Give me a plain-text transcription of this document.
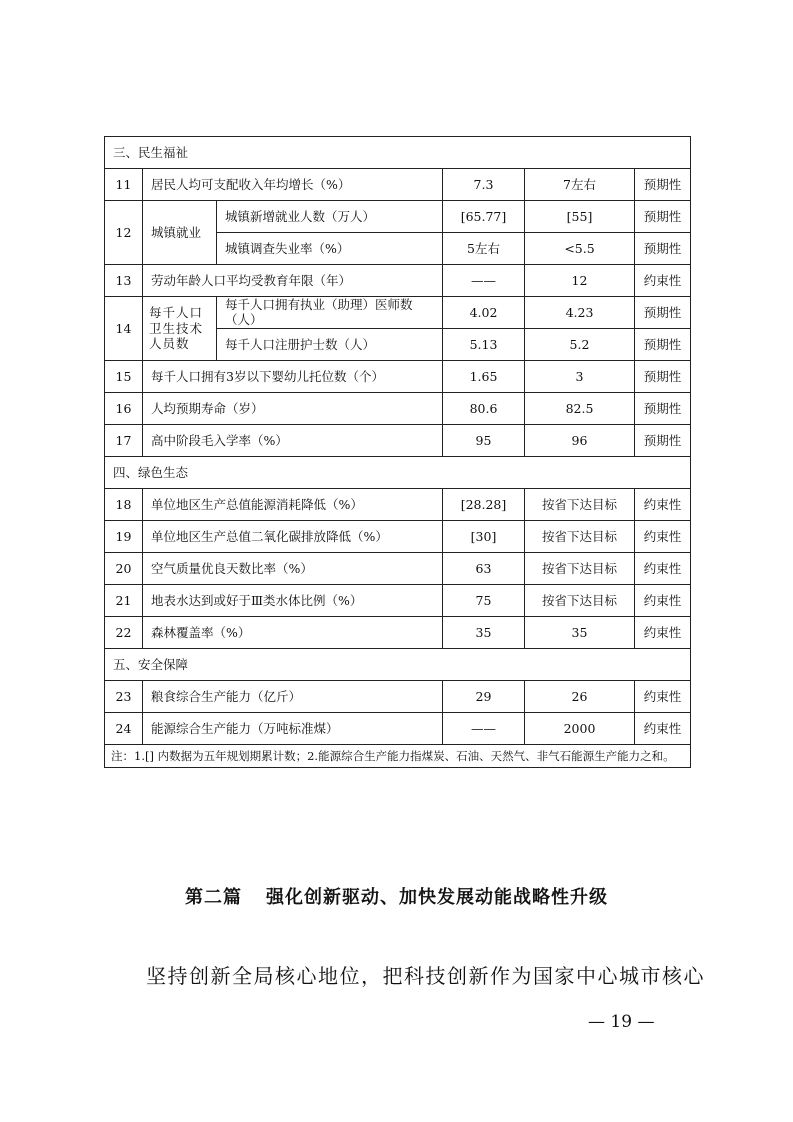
三、民生福祉					
11	居民人均可支配收入年均增长（%）		7.3	7左右	预期性
12	城镇就业	城镇新增就业人数（万人）	[65.77]	[55]	预期性
		城镇调查失业率（%）	5左右	<5.5	预期性
13	劳动年龄人口平均受教育年限（年）		——	12	约束性
14	每千人口卫生技术人员数	每千人口拥有执业（助理）医师数（人）	4.02	4.23	预期性
		每千人口注册护士数（人）	5.13	5.2	预期性
15	每千人口拥有3岁以下婴幼儿托位数（个）		1.65	3	预期性
16	人均预期寿命（岁）		80.6	82.5	预期性
17	高中阶段毛入学率（%）		95	96	预期性
四、绿色生态					
18	单位地区生产总值能源消耗降低（%）		[28.28]	按省下达目标	约束性
19	单位地区生产总值二氧化碳排放降低（%）		[30]	按省下达目标	约束性
20	空气质量优良天数比率（%）		63	按省下达目标	约束性
21	地表水达到或好于Ⅲ类水体比例（%）		75	按省下达目标	约束性
22	森林覆盖率（%）		35	35	约束性
五、安全保障					
23	粮食综合生产能力（亿斤）		29	26	约束性
24	能源综合生产能力（万吨标准煤）		——	2000	约束性
注：1.[] 内数据为五年规划期累计数；2.能源综合生产能力指煤炭、石油、天然气、非气石能源生产能力之和。					
第二篇 强化创新驱动、加快发展动能战略性升级
坚持创新全局核心地位，把科技创新作为国家中心城市核心
— 19 —
